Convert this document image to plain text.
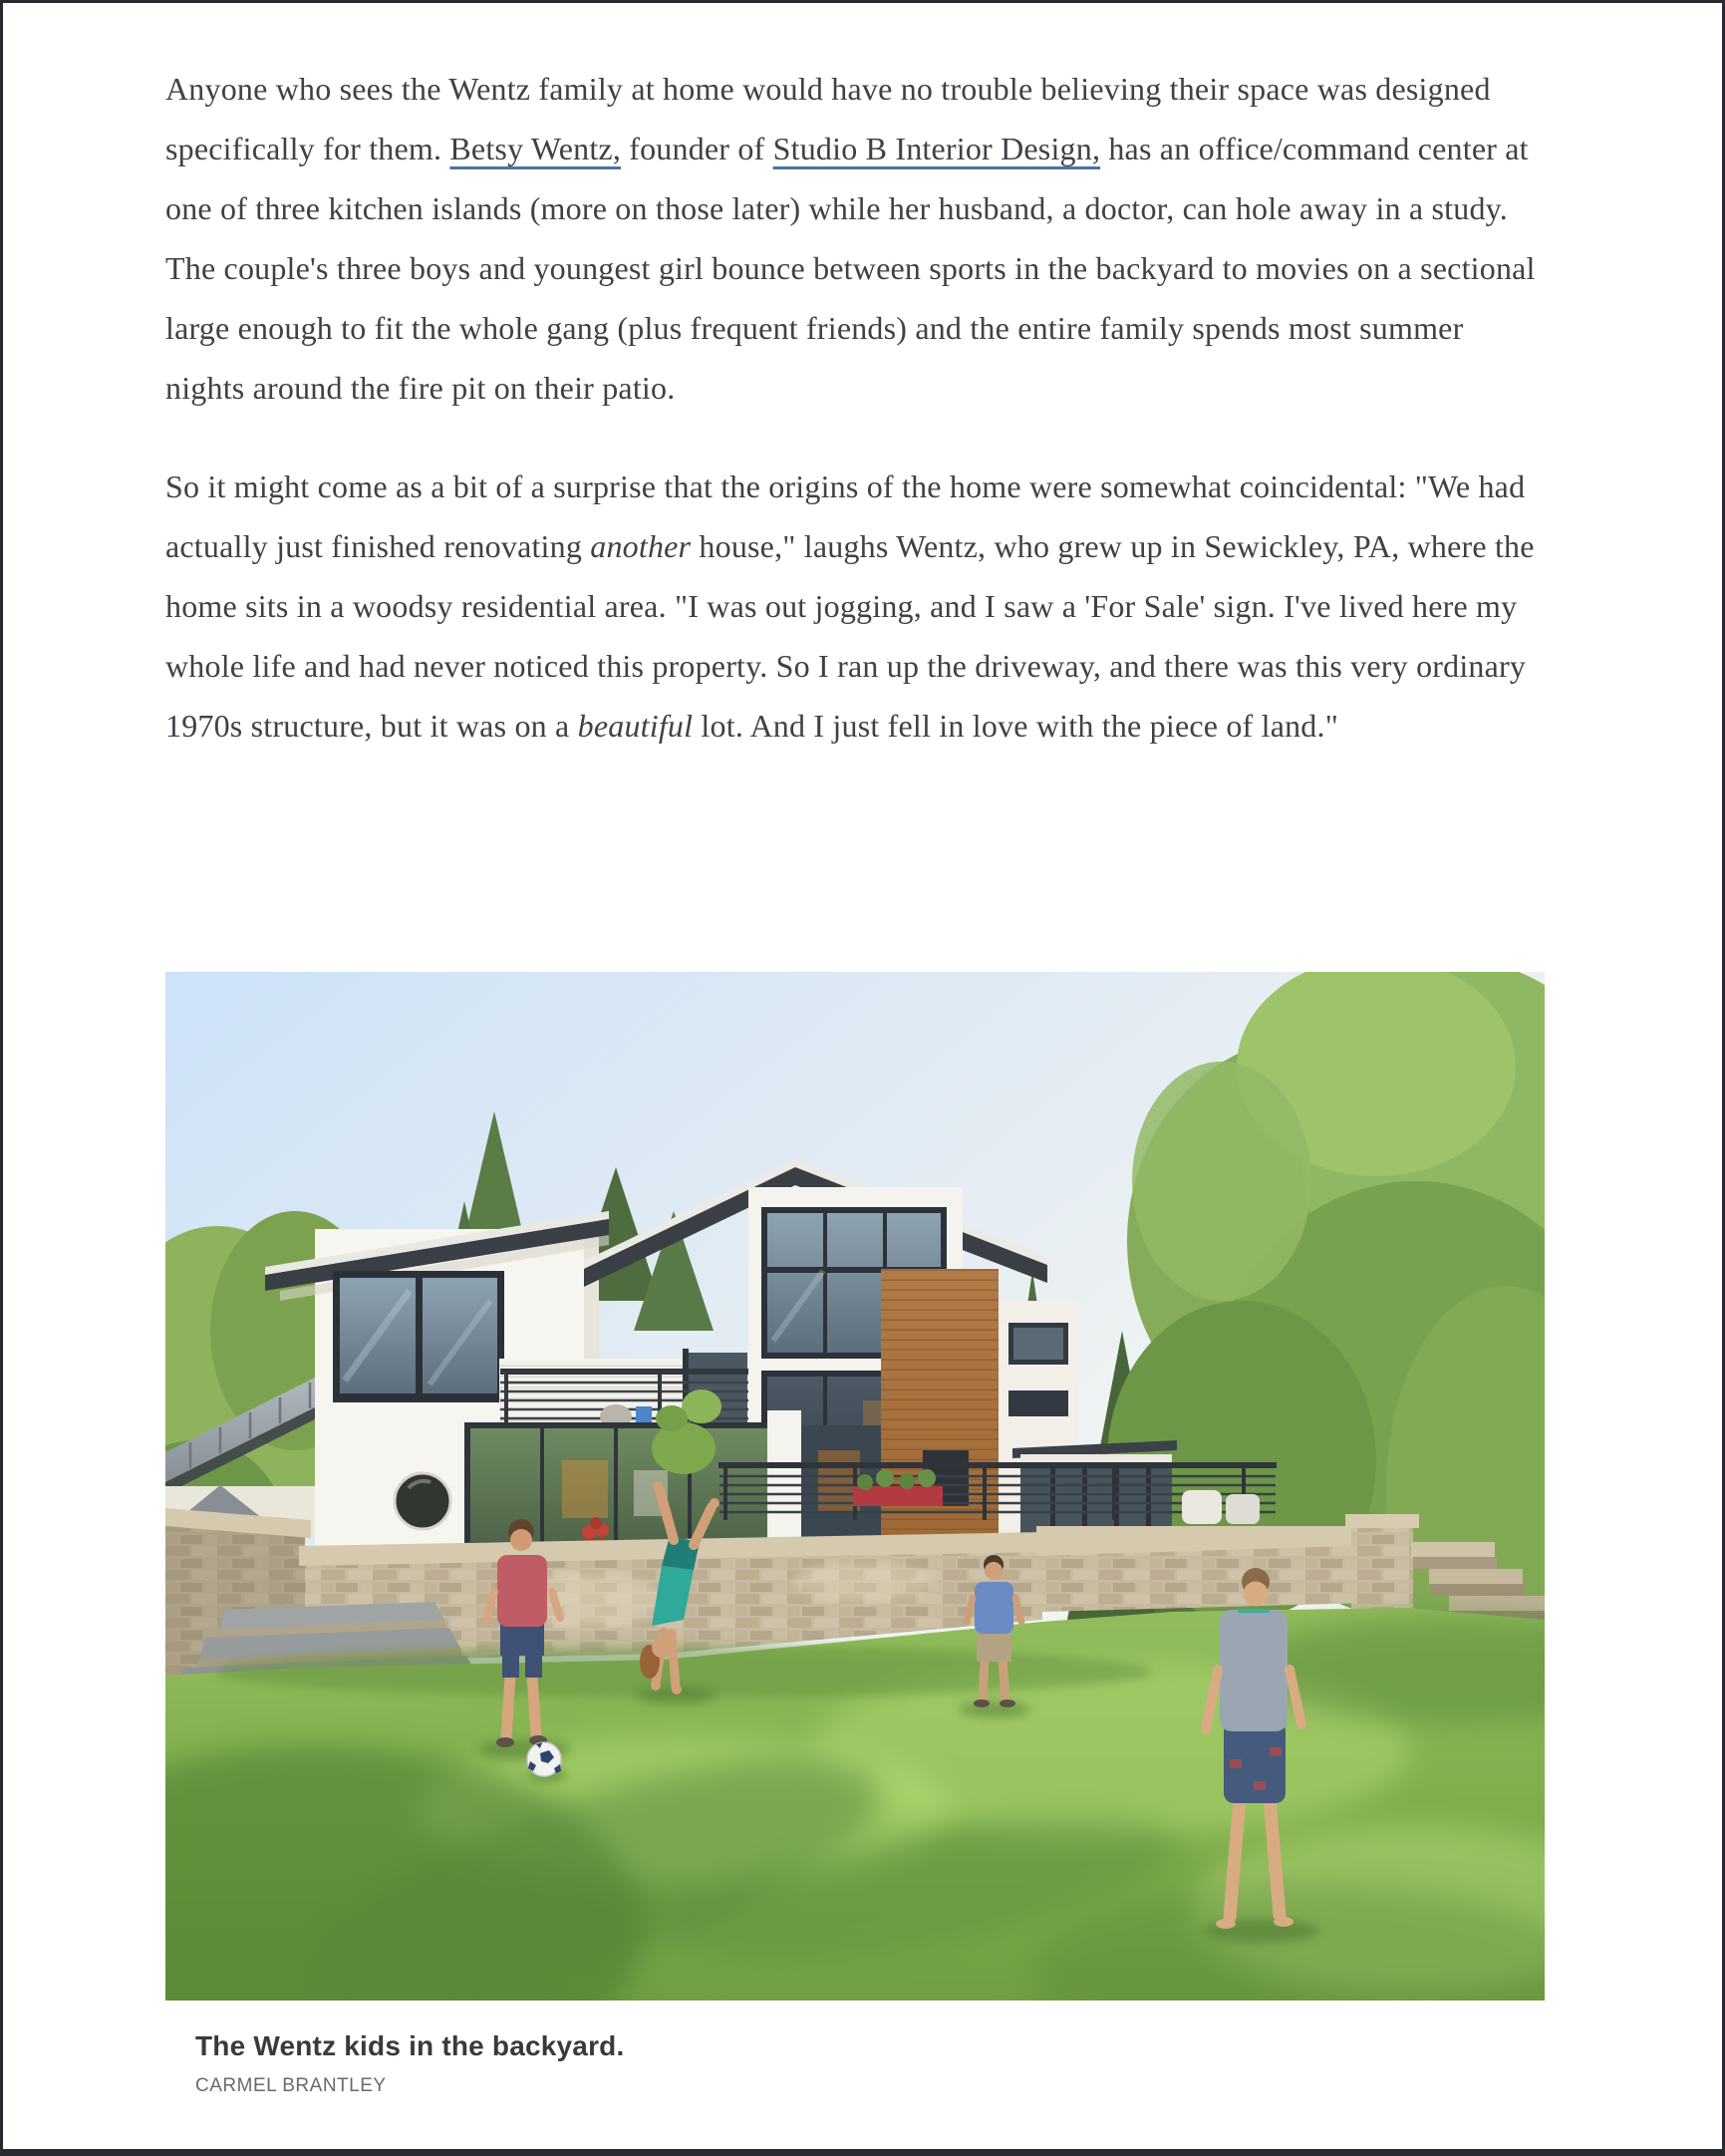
Anyone who sees the Wentz family at home would have no trouble believing their space was designed specifically for them. Betsy Wentz, founder of Studio B Interior Design, has an office/command center at one of three kitchen islands (more on those later) while her husband, a doctor, can hole away in a study. The couple's three boys and youngest girl bounce between sports in the backyard to movies on a sectional large enough to fit the whole gang (plus frequent friends) and the entire family spends most summer nights around the fire pit on their patio.

So it might come as a bit of a surprise that the origins of the home were somewhat coincidental: "We had actually just finished renovating another house," laughs Wentz, who grew up in Sewickley, PA, where the home sits in a woodsy residential area. "I was out jogging, and I saw a 'For Sale' sign. I've lived here my whole life and had never noticed this property. So I ran up the driveway, and there was this very ordinary 1970s structure, but it was on a beautiful lot. And I just fell in love with the piece of land."

The Wentz kids in the backyard.
CARMEL BRANTLEY
